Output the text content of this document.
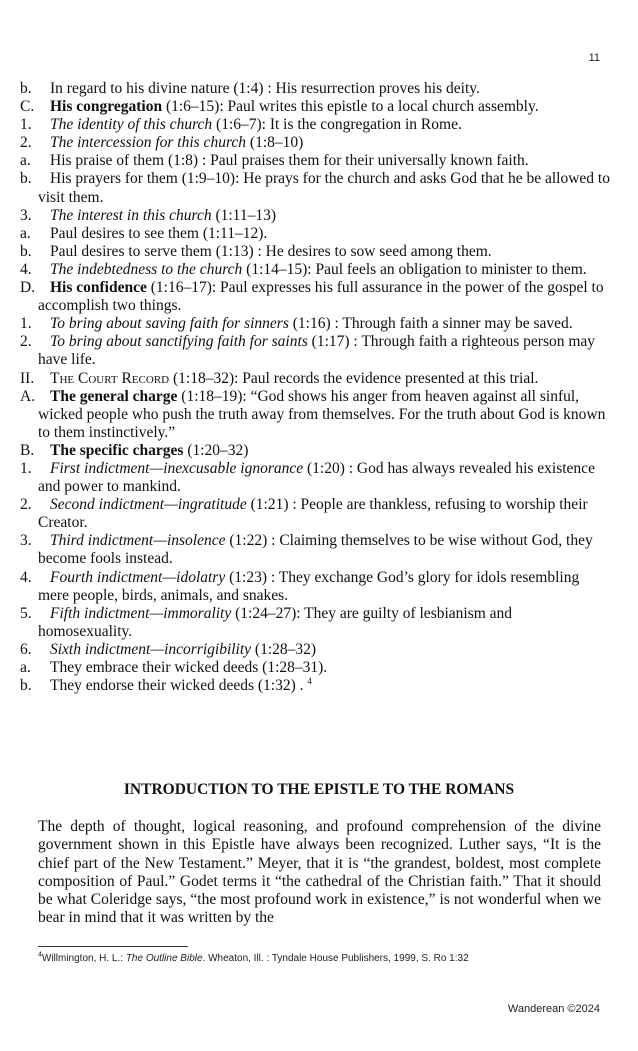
11
b.	In regard to his divine nature (1:4) : His resurrection proves his deity.
C.	His congregation (1:6–15): Paul writes this epistle to a local church assembly.
1.	The identity of this church (1:6–7): It is the congregation in Rome.
2.	The intercession for this church (1:8–10)
a.	His praise of them (1:8) : Paul praises them for their universally known faith.
b.	His prayers for them (1:9–10): He prays for the church and asks God that he be allowed to visit them.
3.	The interest in this church (1:11–13)
a.	Paul desires to see them (1:11–12).
b.	Paul desires to serve them (1:13) : He desires to sow seed among them.
4.	The indebtedness to the church (1:14–15): Paul feels an obligation to minister to them.
D. His confidence (1:16–17): Paul expresses his full assurance in the power of the gospel to accomplish two things.
1.	To bring about saving faith for sinners (1:16) : Through faith a sinner may be saved.
2.	To bring about sanctifying faith for saints (1:17) : Through faith a righteous person may have life.
II.	The Court Record (1:18–32): Paul records the evidence presented at this trial.
A. The general charge (1:18–19): “God shows his anger from heaven against all sinful, wicked people who push the truth away from themselves. For the truth about God is known to them instinctively.”
B.	The specific charges (1:20–32)
1.	First indictment—inexcusable ignorance (1:20) : God has always revealed his existence and power to mankind.
2.	Second indictment—ingratitude (1:21) : People are thankless, refusing to worship their Creator.
3.	Third indictment—insolence (1:22) : Claiming themselves to be wise without God, they become fools instead.
4.	Fourth indictment—idolatry (1:23) : They exchange God’s glory for idols resembling mere people, birds, animals, and snakes.
5.	Fifth indictment—immorality (1:24–27): They are guilty of lesbianism and homosexuality.
6.	Sixth indictment—incorrigibility (1:28–32)
a.	They embrace their wicked deeds (1:28–31).
b.	They endorse their wicked deeds (1:32) . $^4$
INTRODUCTION TO THE EPISTLE TO THE ROMANS

The depth of thought, logical reasoning, and profound comprehension of the divine government shown in this Epistle have always been recognized. Luther says, “It is the chief part of the New Testament.” Meyer, that it is “the grandest, boldest, most complete composition of Paul.” Godet terms it “the cathedral of the Christian faith.” That it should be what Coleridge says, “the most profound work in existence,” is not wonderful when we bear in mind that it was written by the

$^4$Willmington, H. L.: The Outline Bible. Wheaton, Ill. : Tyndale House Publishers, 1999, S. Ro 1:32
Wanderean ©2024
